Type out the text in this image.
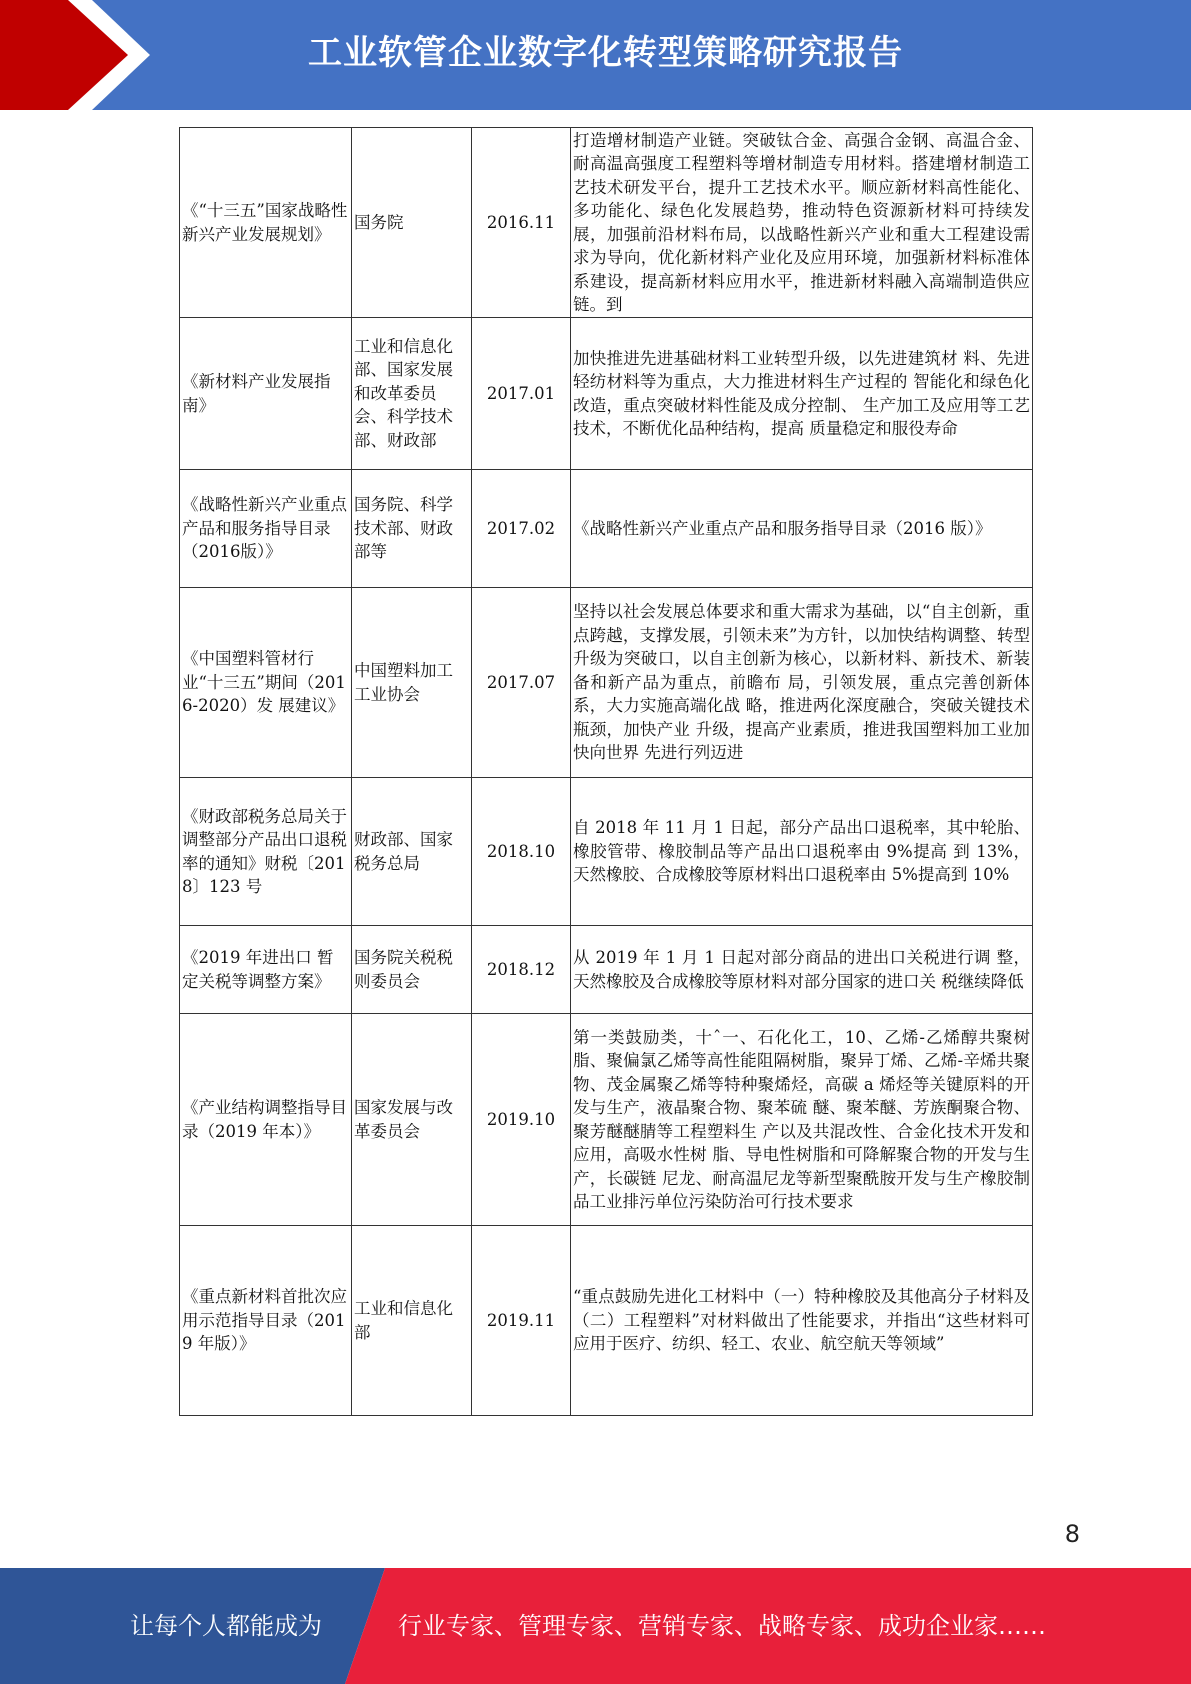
工业软管企业数字化转型策略研究报告
《“十三五”国家战略性新兴产业发展规划》	国务院	2016.11	打造增材制造产业链。突破钛合金、高强合金钢、高温合金、耐高温高强度工程塑料等增材制造专用材料。搭建增材制造工艺技术研发平台，提升工艺技术水平。顺应新材料高性能化、多功能化、绿色化发展趋势，推动特色资源新材料可持续发展，加强前沿材料布局，以战略性新兴产业和重大工程建设需求为导向，优化新材料产业化及应用环境，加强新材料标准体系建设，提高新材料应用水平，推进新材料融入高端制造供应链。到
《新材料产业发展指南》	工业和信息化部、国家发展和改革委员会、科学技术部、财政部	2017.01	加快推进先进基础材料工业转型升级，以先进建筑材 料、先进轻纺材料等为重点，大力推进材料生产过程的 智能化和绿色化改造，重点突破材料性能及成分控制、 生产加工及应用等工艺技术，不断优化品种结构，提高 质量稳定和服役寿命
《战略性新兴产业重点产品和服务指导目录（2016版）》	国务院、科学技术部、财政部等	2017.02	《战略性新兴产业重点产品和服务指导目录（2016 版）》
《中国塑料管材行业“十三五”期间（2016-2020）发 展建议》	中国塑料加工工业协会	2017.07	坚持以社会发展总体要求和重大需求为基础，以“自主创新，重点跨越，支撑发展，引领未来”为方针，以加快结构调整、转型升级为突破口，以自主创新为核心，以新材料、新技术、新装备和新产品为重点，前瞻布 局，引领发展，重点完善创新体系，大力实施高端化战 略，推进两化深度融合，突破关键技术瓶颈，加快产业 升级，提高产业素质，推进我国塑料加工业加快向世界 先进行列迈进
《财政部税务总局关于调整部分产品出口退税率的通知》财税〔2018〕123 号	财政部、国家税务总局	2018.10	自 2018 年 11 月 1 日起，部分产品出口退税率，其中轮胎、橡胶管带、橡胶制品等产品出口退税率由 9%提高 到 13%，天然橡胶、合成橡胶等原材料出口退税率由 5%提高到 10%
《2019 年进出口 暂定关税等调整方案》	国务院关税税则委员会	2018.12	从 2019 年 1 月 1 日起对部分商品的进出口关税进行调 整，天然橡胶及合成橡胶等原材料对部分国家的进口关 税继续降低
《产业结构调整指导目录（2019 年本）》	国家发展与改革委员会	2019.10	第一类鼓励类，十ˆ一、石化化工，10、乙烯-乙烯醇共聚树脂、聚偏氯乙烯等高性能阻隔树脂，聚异丁烯、乙烯-辛烯共聚物、茂金属聚乙烯等特种聚烯烃，高碳 a 烯烃等关键原料的开发与生产，液晶聚合物、聚苯硫 醚、聚苯醚、芳族酮聚合物、聚芳醚醚腈等工程塑料生 产以及共混改性、合金化技术开发和应用，高吸水性树 脂、导电性树脂和可降解聚合物的开发与生产，长碳链 尼龙、耐高温尼龙等新型聚酰胺开发与生产橡胶制品工业排污单位污染防治可行技术要求
《重点新材料首批次应用示范指导目录（2019 年版）》	工业和信息化部	2019.11	“重点鼓励先进化工材料中（一）特种橡胶及其他高分子材料及（二）工程塑料”对材料做出了性能要求，并指出“这些材料可应用于医疗、纺织、轻工、农业、航空航天等领域”
8
让每个人都能成为	行业专家、管理专家、营销专家、战略专家、成功企业家……
